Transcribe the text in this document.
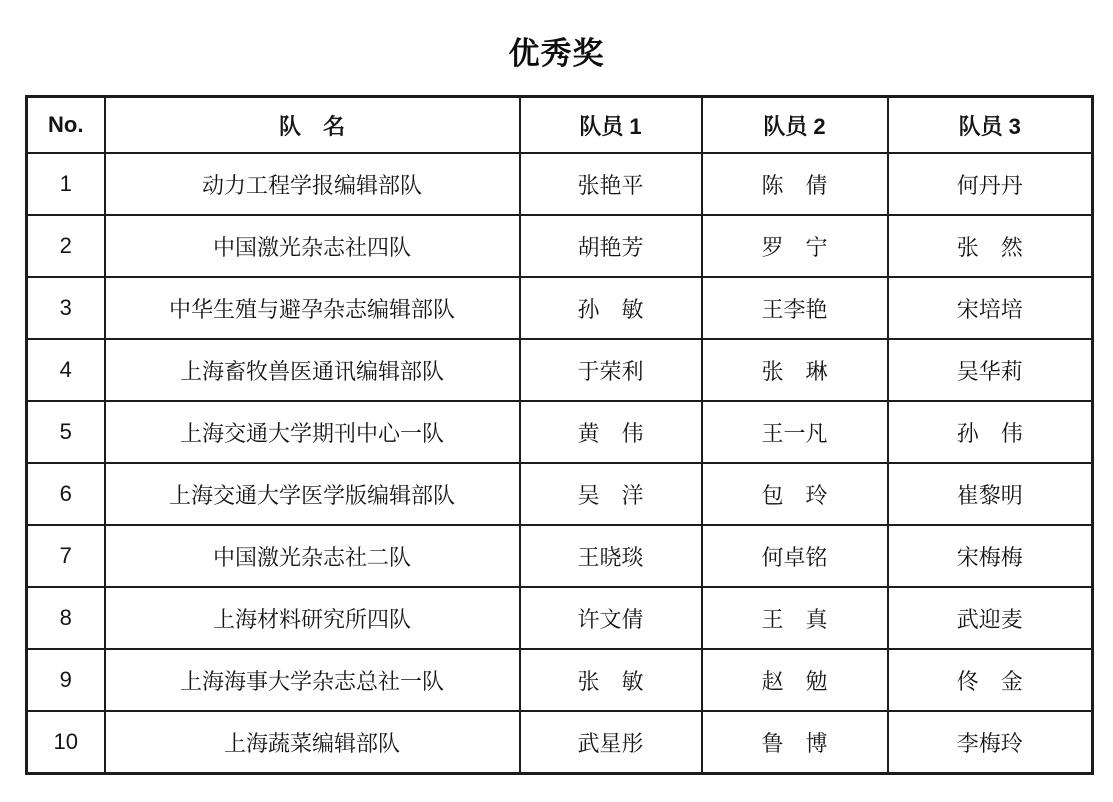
优秀奖
No.	队　名	队员 1	队员 2	队员 3
1	动力工程学报编辑部队	张艳平	陈　倩	何丹丹
2	中国激光杂志社四队	胡艳芳	罗　宁	张　然
3	中华生殖与避孕杂志编辑部队	孙　敏	王李艳	宋培培
4	上海畜牧兽医通讯编辑部队	于荣利	张　琳	吴华莉
5	上海交通大学期刊中心一队	黄　伟	王一凡	孙　伟
6	上海交通大学医学版编辑部队	吴　洋	包　玲	崔黎明
7	中国激光杂志社二队	王晓琰	何卓铭	宋梅梅
8	上海材料研究所四队	许文倩	王　真	武迎麦
9	上海海事大学杂志总社一队	张　敏	赵　勉	佟　金
10	上海蔬菜编辑部队	武星彤	鲁　博	李梅玲
